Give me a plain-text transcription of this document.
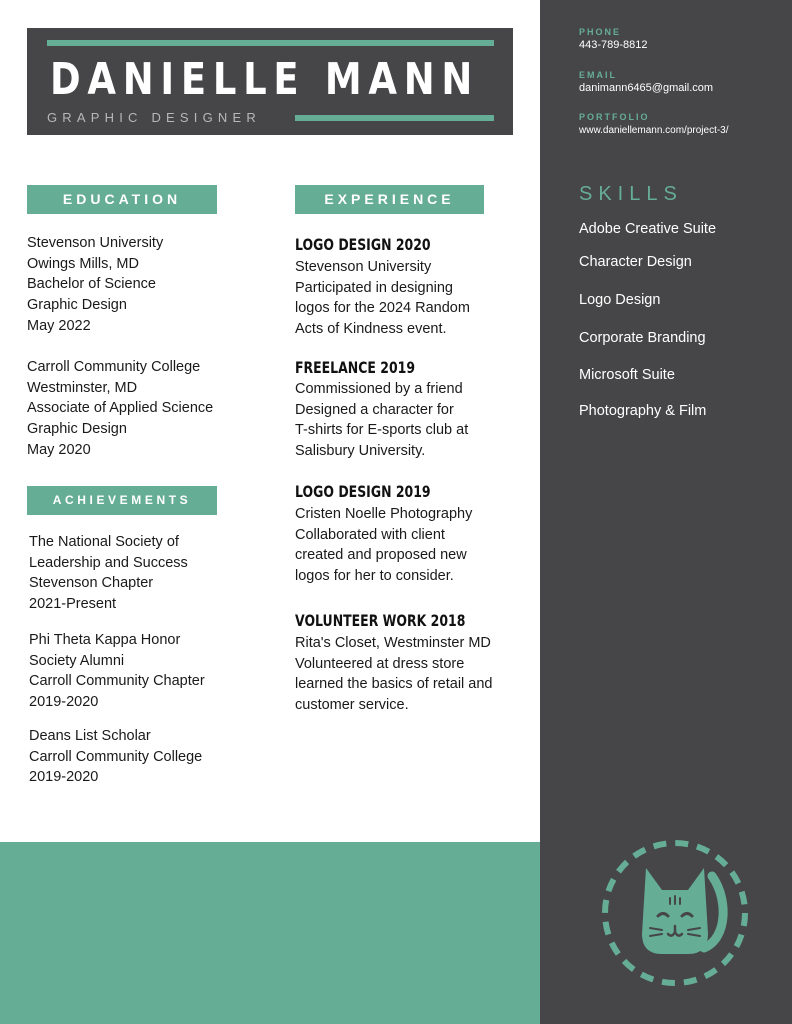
DANIELLE MANN
GRAPHIC DESIGNER
PHONE
443-789-8812
EMAIL
danimann6465@gmail.com
PORTFOLIO
www.daniellemann.com/project-3/
SKILLS
Adobe Creative Suite
Character Design
Logo Design
Corporate Branding
Microsoft Suite
Photography & Film
EDUCATION
Stevenson University
Owings Mills, MD
Bachelor of Science
Graphic Design
May 2022
Carroll Community College
Westminster, MD
Associate of Applied Science
Graphic Design
May 2020
ACHIEVEMENTS
The National Society of
Leadership and Success
Stevenson Chapter
2021-Present
Phi Theta Kappa Honor
Society Alumni
Carroll Community Chapter
2019-2020
Deans List Scholar
Carroll Community College
2019-2020
EXPERIENCE
LOGO DESIGN 2020
Stevenson University
Participated in designing
logos for the 2024 Random
Acts of Kindness event.
FREELANCE 2019
Commissioned by a friend
Designed a character for
T-shirts for E-sports club at
Salisbury University.
LOGO DESIGN 2019
Cristen Noelle Photography
Collaborated with client
created and proposed new
logos for her to consider.
VOLUNTEER WORK 2018
Rita's Closet, Westminster MD
Volunteered at dress store
learned the basics of retail and
customer service.
